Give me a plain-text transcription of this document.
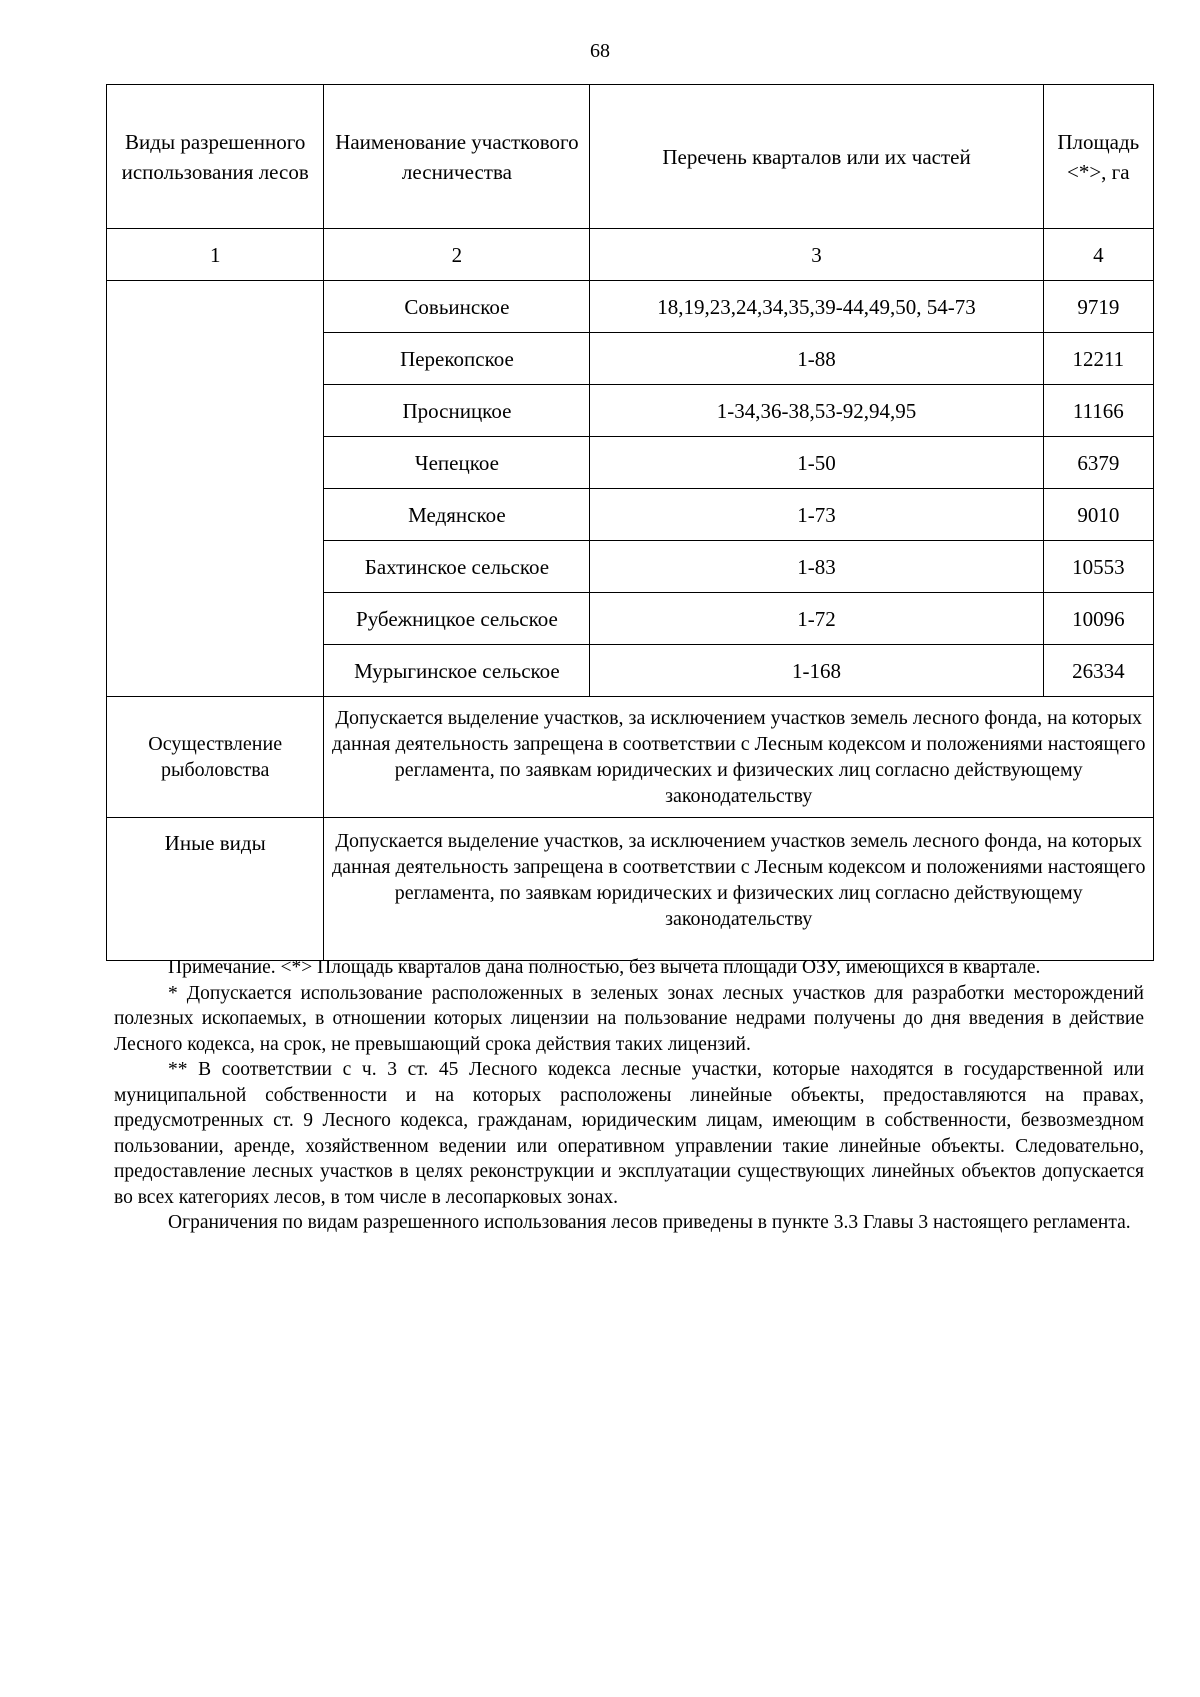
68
Виды разрешенного использования лесов	Наименование участкового лесничества	Перечень кварталов или их частей	Площадь <*>, га
1	2	3	4
	Совьинское	18,19,23,24,34,35,39-44,49,50, 54-73	9719
	Перекопское	1-88	12211
	Просницкое	1-34,36-38,53-92,94,95	11166
	Чепецкое	1-50	6379
	Медянское	1-73	9010
	Бахтинское сельское	1-83	10553
	Рубежницкое сельское	1-72	10096
	Мурыгинское сельское	1-168	26334
Осуществление рыболовства	Допускается выделение участков, за исключением участков земель лесного фонда, на которых данная деятельность запрещена в соответствии с Лесным кодексом и положениями настоящего регламента, по заявкам юридических и физических лиц согласно действующему законодательству		
Иные виды	Допускается выделение участков, за исключением участков земель лесного фонда, на которых данная деятельность запрещена в соответствии с Лесным кодексом и положениями настоящего регламента, по заявкам юридических и физических лиц согласно действующему законодательству		

Примечание. <*> Площадь кварталов дана полностью, без вычета площади ОЗУ, имеющихся в квартале.

* Допускается использование расположенных в зеленых зонах лесных участков для разработки месторождений полезных ископаемых, в отношении которых лицензии на пользование недрами получены до дня введения в действие Лесного кодекса, на срок, не превышающий срока действия таких лицензий.

** В соответствии с ч. 3 ст. 45 Лесного кодекса лесные участки, которые находятся в государственной или муниципальной собственности и на которых расположены линейные объекты, предоставляются на правах, предусмотренных ст. 9 Лесного кодекса, гражданам, юридическим лицам, имеющим в собственности, безвозмездном пользовании, аренде, хозяйственном ведении или оперативном управлении такие линейные объекты. Следовательно, предоставление лесных участков в целях реконструкции и эксплуатации существующих линейных объектов допускается во всех категориях лесов, в том числе в лесопарковых зонах.

Ограничения по видам разрешенного использования лесов приведены в пункте 3.3 Главы 3 настоящего регламента.
